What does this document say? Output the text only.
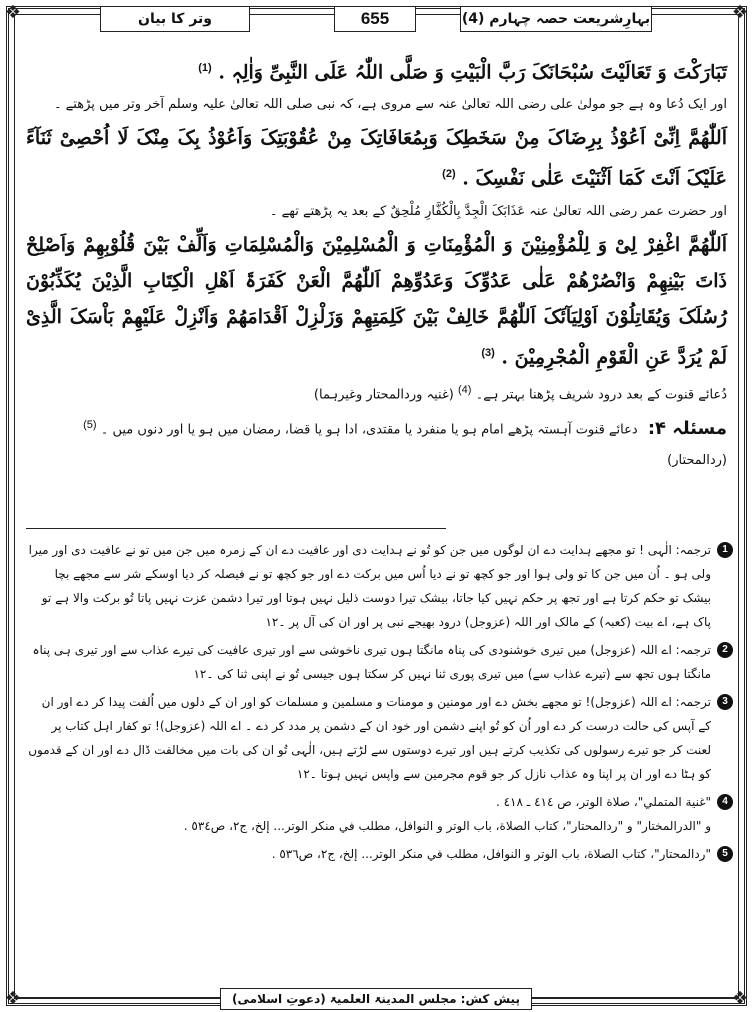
❖	❖
❖	❖
وتر کا بیان	655	بہارِشریعت حصہ چہارم (4)
تَبَارَکْتَ وَ تَعَالَیْتَ سُبْحَانَکَ رَبَّ الْبَیْتِ وَ صَلَّی اللّٰہُ عَلَی النَّبِیِّ وَاٰلِہٖ . $^{(1)}$
اور ایک دُعا وہ ہے جو مولیٰ علی رضی اللہ تعالیٰ عنہ سے مروی ہے، کہ نبی صلی اللہ تعالیٰ علیہ وسلم آخر وتر میں پڑھتے ۔
اَللّٰھُمَّ اِنِّیْ اَعُوْذُ بِرِضَاکَ مِنْ سَخَطِکَ وَبِمُعَافَاتِکَ مِنْ عُقُوْبَتِکَ وَاَعُوْذُ بِکَ مِنْکَ لَا اُحْصِیْ ثَنَآءً عَلَیْکَ اَنْتَ کَمَا اَثْنَیْتَ عَلٰی نَفْسِکَ . $^{(2)}$
اور حضرت عمر رضی اللہ تعالیٰ عنہ عَذَابَکَ الْجِدَّ بِالْکُفَّارِ مُلْحِقٌ کے بعد یہ پڑھتے تھے ۔
اَللّٰھُمَّ اغْفِرْ لِیْ وَ لِلْمُؤْمِنِیْنَ وَ الْمُؤْمِنَاتِ وَ الْمُسْلِمِیْنَ وَالْمُسْلِمَاتِ وَاَلِّفْ بَیْنَ قُلُوْبِھِمْ وَاَصْلِحْ ذَاتَ بَیْنِھِمْ وَانْصُرْھُمْ عَلٰی عَدُوِّکَ وَعَدُوِّھِمْ اَللّٰھُمَّ الْعَنْ کَفَرَۃَ اَھْلِ الْکِتَابِ الَّذِیْنَ یُکَذِّبُوْنَ رُسُلَکَ وَیُقَاتِلُوْنَ اَوْلِیَآئَکَ اَللّٰھُمَّ خَالِفْ بَیْنَ کَلِمَتِھِمْ وَزَلْزِلْ اَقْدَامَھُمْ وَاَنْزِلْ عَلَیْھِمْ بَاْسَکَ الَّذِیْ لَمْ یُرَدَّ عَنِ الْقَوْمِ الْمُجْرِمِیْنَ . $^{(3)}$
دُعائے قنوت کے بعد درود شریف پڑھنا بہتر ہے۔ $^{(4)}$ (غنیہ وردالمحتار وغیرہما)
مسئلہ ۴: دعائے قنوت آہستہ پڑھے امام ہو یا منفرد یا مقتدی، ادا ہو یا قضا، رمضان میں ہو یا اور دنوں میں ۔ $^{(5)}$
(ردالمحتار)
1
ترجمہ: الٰہی ! تو مجھے ہدایت دے ان لوگوں میں جن کو تُو نے ہدایت دی اور عافیت دے ان کے زمرہ میں جن میں تو نے عافیت دی اور میرا ولی ہو ۔ اُن میں جن کا تو ولی ہوا اور جو کچھ تو نے دیا اُس میں برکت دے اور جو کچھ تو نے فیصلہ کر دیا اوسکے شر سے مجھے بچا بیشک تو حکم کرتا ہے اور تجھ پر حکم نہیں کیا جاتا، بیشک تیرا دوست ذلیل نہیں ہوتا اور تیرا دشمن عزت نہیں پاتا تُو برکت والا ہے تو پاک ہے، اے بیت (کعبہ) کے مالک اور اللہ (عزوجل) درود بھیجے نبی پر اور ان کی آل پر ۔۱۲
2
ترجمہ: اے اللہ (عزوجل) میں تیری خوشنودی کی پناہ مانگتا ہوں تیری ناخوشی سے اور تیری عافیت کی تیرے عذاب سے اور تیری ہی پناہ مانگتا ہوں تجھ سے (تیرے عذاب سے) میں تیری پوری ثنا نہیں کر سکتا ہوں جیسی تُو نے اپنی ثنا کی ۔۱۲
3
ترجمہ: اے اللہ (عزوجل)! تو مجھے بخش دے اور مومنین و مومنات و مسلمین و مسلمات کو اور ان کے دلوں میں اُلفت پیدا کر دے اور ان کے آپس کی حالت درست کر دے اور اُن کو تُو اپنے دشمن اور خود ان کے دشمن پر مدد کر دے ۔ اے اللہ (عزوجل)! تو کفار اہل کتاب پر لعنت کر جو تیرے رسولوں کی تکذیب کرتے ہیں اور تیرے دوستوں سے لڑتے ہیں، الٰہی تُو ان کی بات میں مخالفت ڈال دے اور ان کے قدموں کو ہٹا دے اور ان پر اپنا وہ عذاب نازل کر جو قوم مجرمین سے واپس نہیں ہوتا ۔۱۲
4
"غنية المتملي"، صلاة الوتر، ص ٤١٤ ـ ٤١٨ .
و "الدرالمختار" و "ردالمحتار"، كتاب الصلاة، باب الوتر و النوافل، مطلب في منكر الوتر... إلخ، ج٢، ص٥٣٤ .
5
"ردالمحتار"، كتاب الصلاة، باب الوتر و النوافل، مطلب في منكر الوتر... إلخ، ج٢، ص٥٣٦ .
پیش کش: مجلس المدینۃ العلمیۃ (دعوتِ اسلامی)
